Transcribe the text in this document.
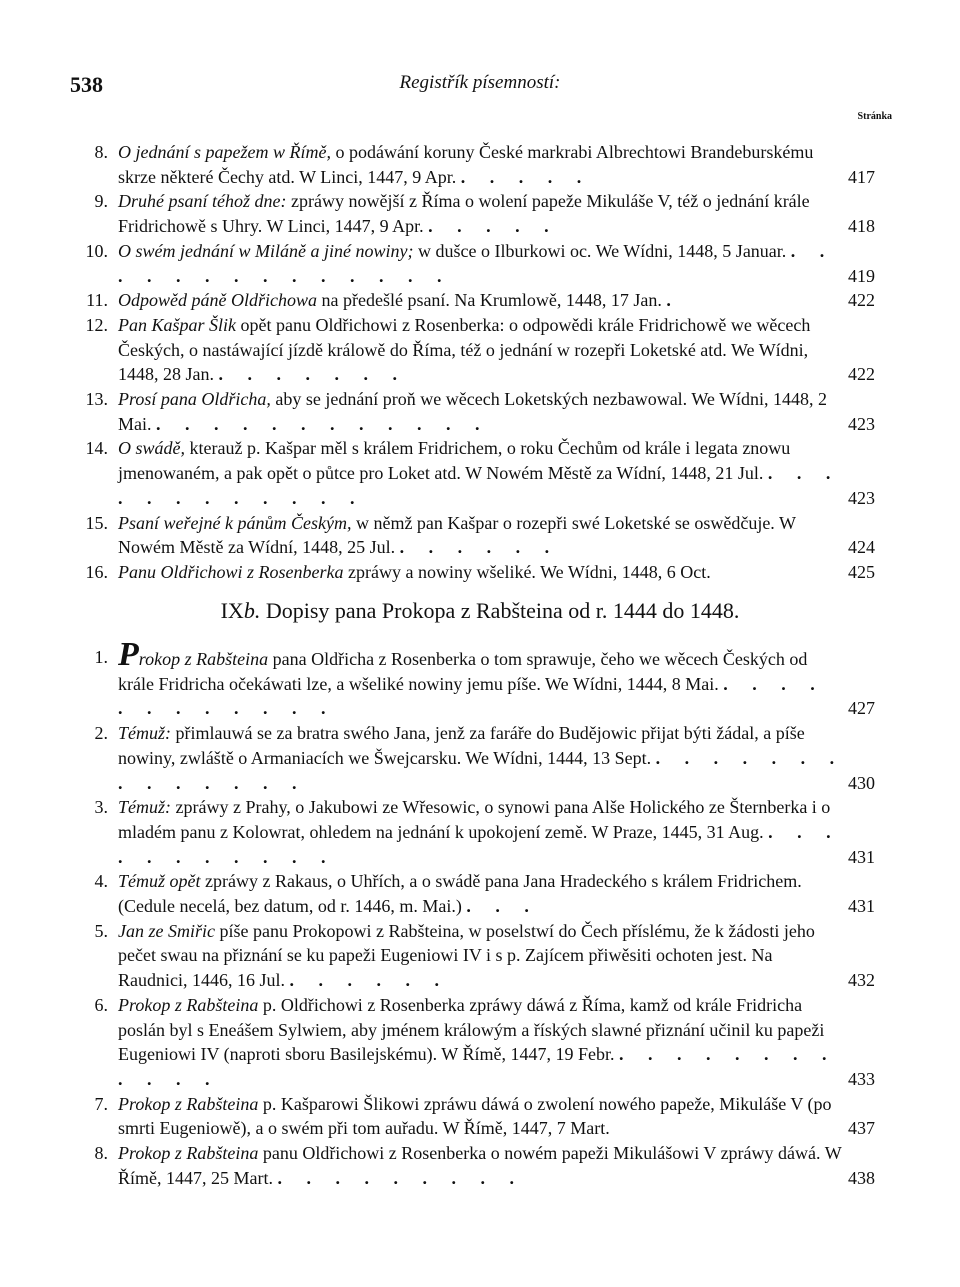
538	Registřík písemností:
Stránka
8. O jednání s papežem w Římě, o podáwání koruny České markrabi Albrechtowi Brandeburskému skrze některé Čechy atd. W Linci, 1447, 9 Apr. . . . . .	417
9. Druhé psaní téhož dne: zpráwy nowější z Říma o wolení papeže Mikuláše V, též o jednání krále Fridrichowě s Uhry. W Linci, 1447, 9 Apr. . . . . .	418
10. O swém jednání w Miláně a jiné nowiny; w dušce o Ilburkowi oc. We Wídni, 1448, 5 Januar. . . . . . . . . . . . . . .	419
11. Odpowěd páně Oldřichowa na předešlé psaní. Na Krumlowě, 1448, 17 Jan. .	422
12. Pan Kašpar Šlik opět panu Oldřichowi z Rosenberka: o odpowědi krále Fridrichowě we wěcech Českých, o nastáwající jízdě králowě do Říma, též o jednání w rozepři Loketské atd. We Wídni, 1448, 28 Jan. . . . . . . .	422
13. Prosí pana Oldřicha, aby se jednání proň we wěcech Loketských nezbawowal. We Wídni, 1448, 2 Mai. . . . . . . . . . . . .	423
14. O swádě, kterauž p. Kašpar měl s králem Fridrichem, o roku Čechům od krále i legata znowu jmenowaném, a pak opět o půtce pro Loket atd. W Nowém Městě za Wídní, 1448, 21 Jul. . . . . . . . . . . . .	423
15. Psaní weřejné k pánům Českým, w němž pan Kašpar o rozepři swé Loketské se oswědčuje. W Nowém Městě za Wídní, 1448, 25 Jul. . . . . . .	424
16. Panu Oldřichowi z Rosenberka zpráwy a nowiny wšeliké. We Wídni, 1448, 6 Oct.	425
IXb. Dopisy pana Prokopa z Rabšteina od r. 1444 do 1448.
1. Prokop z Rabšteina pana Oldřicha z Rosenberka o tom sprawuje, čeho we wěcech Českých od krále Fridricha očekáwati lze, a wšeliké nowiny jemu píše. We Wídni, 1444, 8 Mai. . . . . . . . . . . . .	427
2. Témuž: přimlauwá se za bratra swého Jana, jenž za faráře do Budějowic přijat býti žádal, a píše nowiny, zwláště o Armaniacích we Šwejcarsku. We Wídni, 1444, 13 Sept. . . . . . . . . . . . . . .	430
3. Témuž: zpráwy z Prahy, o Jakubowi ze Wřesowic, o synowi pana Alše Holického ze Šternberka i o mladém panu z Kolowrat, ohledem na jednání k upokojení země. W Praze, 1445, 31 Aug. . . . . . . . . . . .	431
4. Témuž opět zpráwy z Rakaus, o Uhřích, a o swádě pana Jana Hradeckého s králem Fridrichem. (Cedule necelá, bez datum, od r. 1446, m. Mai.) . . .	431
5. Jan ze Smiřic píše panu Prokopowi z Rabšteina, w poselstwí do Čech příslému, že k žádosti jeho pečet swau na přiznání se ku papeži Eugeniowi IV i s p. Zajícem přiwěsiti ochoten jest. Na Raudnici, 1446, 16 Jul. . . . . . .	432
6. Prokop z Rabšteina p. Oldřichowi z Rosenberka zpráwy dáwá z Říma, kamž od krále Fridricha poslán byl s Eneášem Sylwiem, aby jménem králowým a říských slawné přiznání učinil ku papeži Eugeniowi IV (naproti sboru Basilejskému). W Římě, 1447, 19 Febr. . . . . . . . . . . . .	433
7. Prokop z Rabšteina p. Kašparowi Šlikowi zpráwu dáwá o zwolení nowého papeže, Mikuláše V (po smrti Eugeniowě), a o swém při tom auřadu. W Římě, 1447, 7 Mart.	437
8. Prokop z Rabšteina panu Oldřichowi z Rosenberka o nowém papeži Mikulášowi V zpráwy dáwá. W Římě, 1447, 25 Mart. . . . . . . . . .	438
